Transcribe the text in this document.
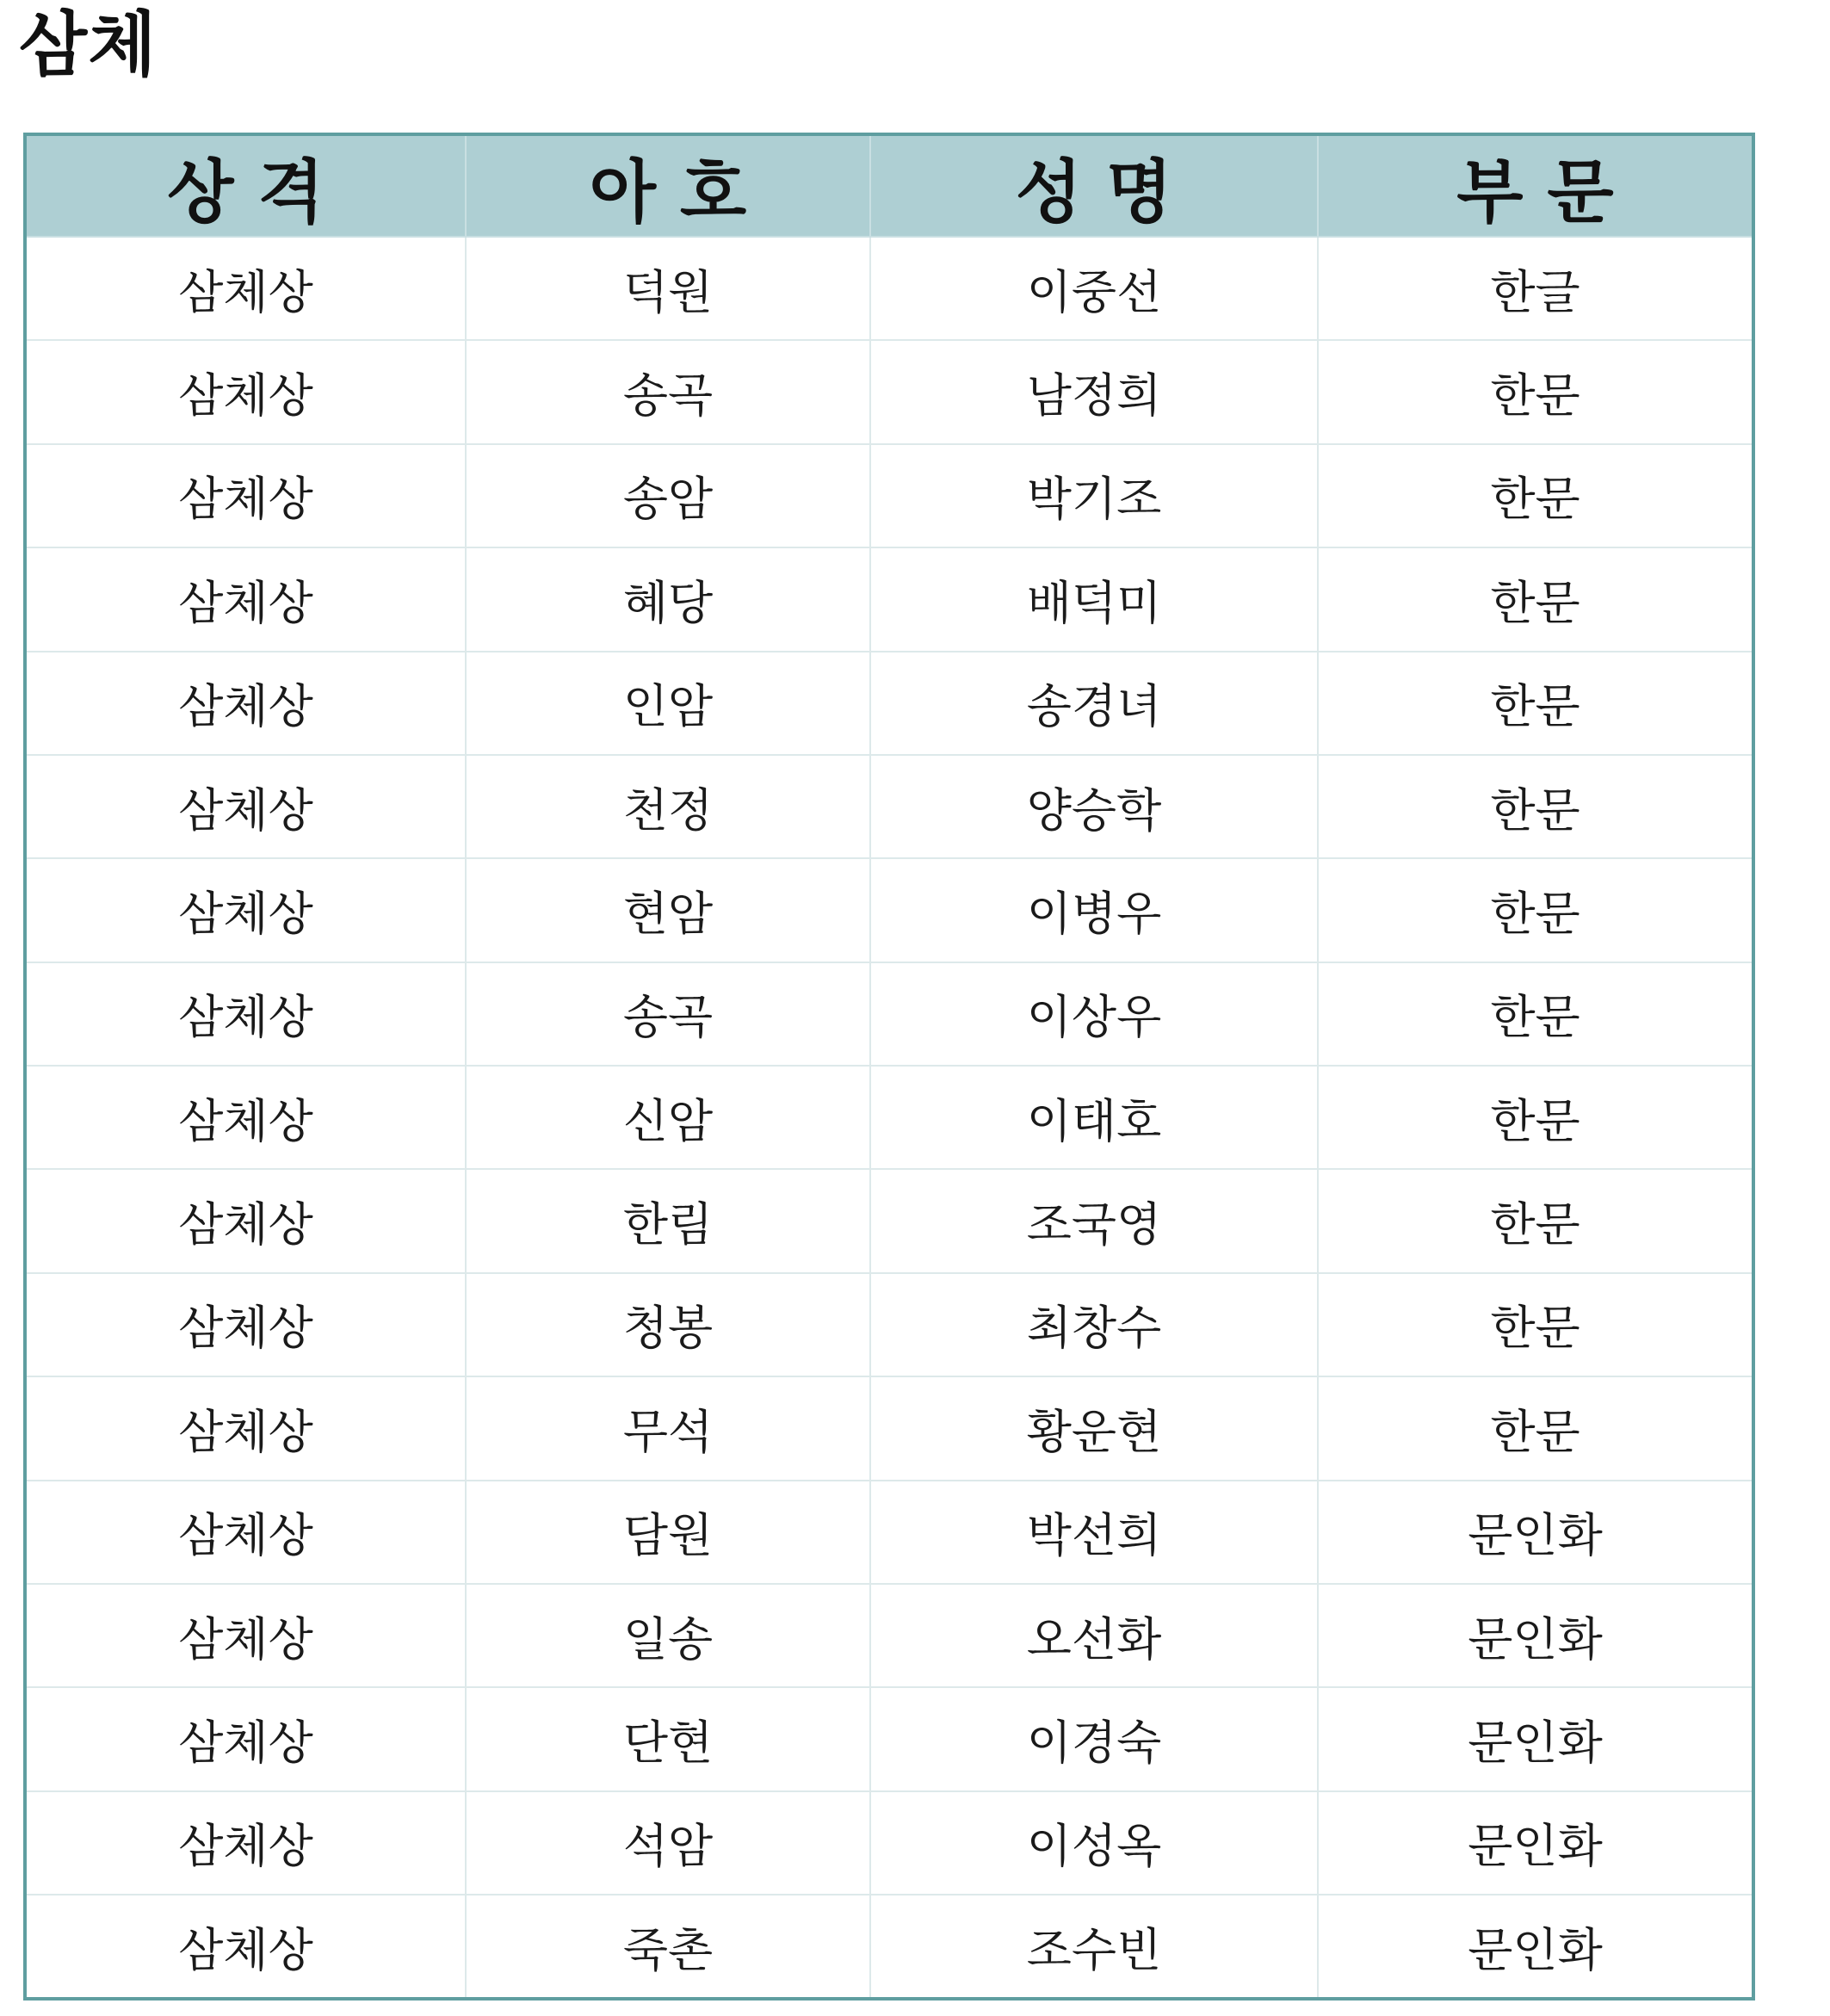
삼체
상 격	아 호	성 명	부 문
삼체상	덕원	이중선	한글
삼체상	송곡	남정희	한문
삼체상	송암	박기조	한문
삼체상	혜당	배덕미	한문
삼체상	인암	송경녀	한문
삼체상	천정	양승학	한문
삼체상	현암	이병우	한문
삼체상	송곡	이상우	한문
삼체상	신암	이태호	한문
삼체상	한림	조국영	한문
삼체상	청봉	최창수	한문
삼체상	무석	황운현	한문
삼체상	담원	박선희	문인화
삼체상	일송	오선화	문인화
삼체상	단현	이경숙	문인화
삼체상	석암	이성옥	문인화
삼체상	죽촌	조수빈	문인화
